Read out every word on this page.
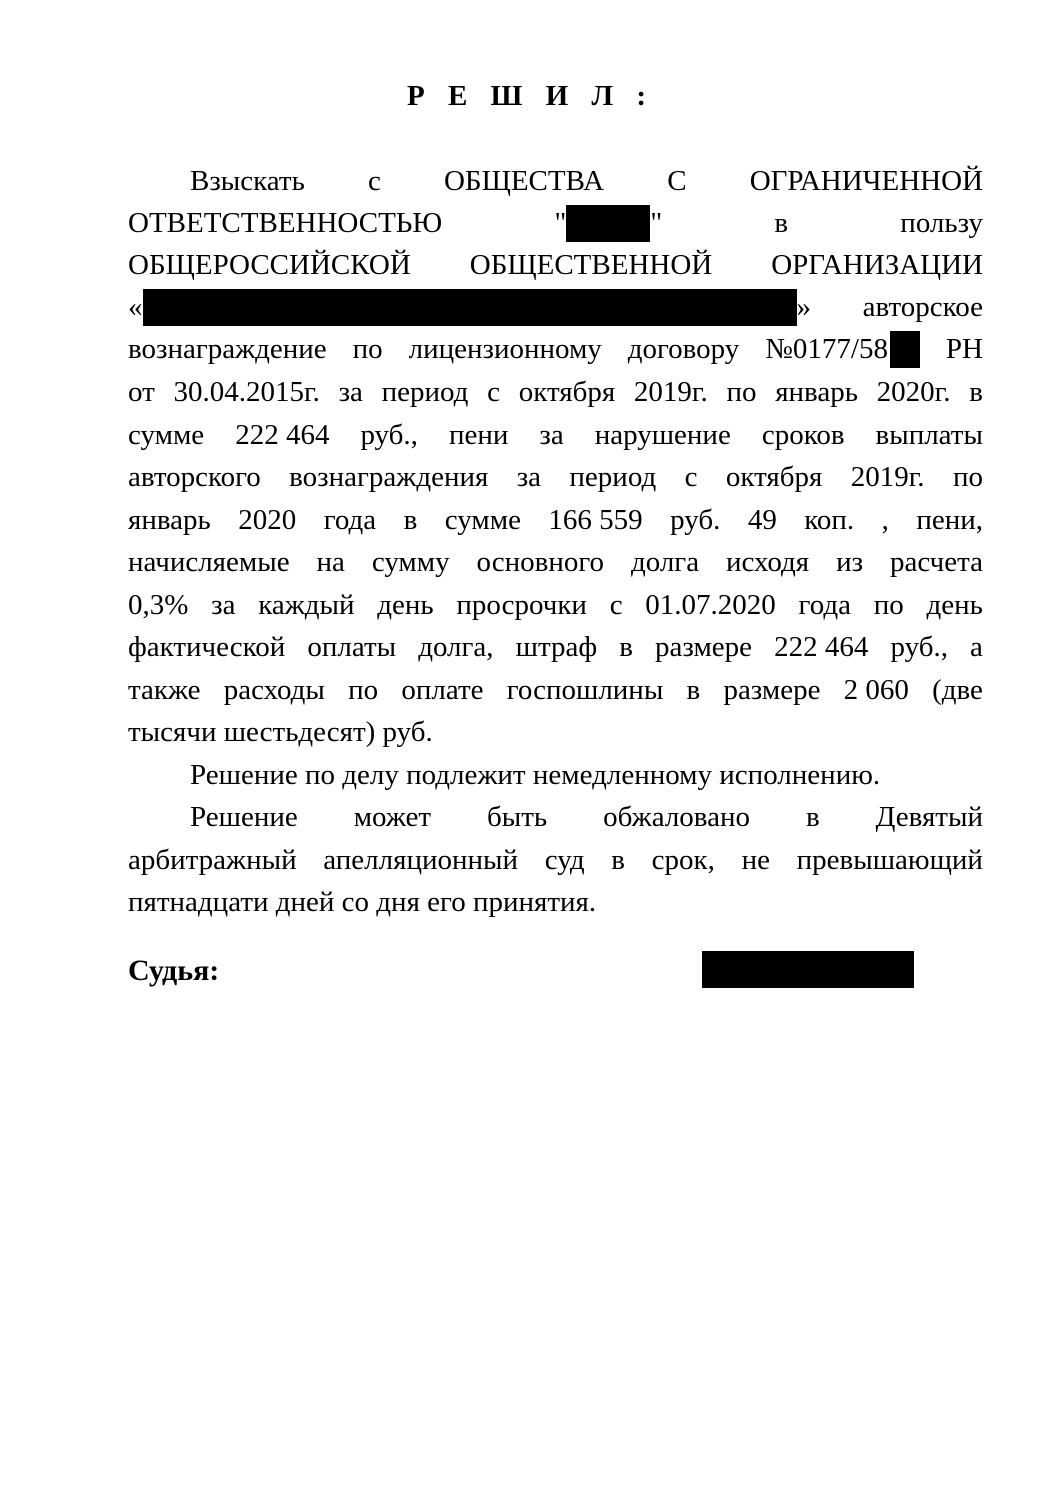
Р Е Ш И Л :
Взыскать с ОБЩЕСТВА С ОГРАНИЧЕННОЙ
ОТВЕТСТВЕННОСТЬЮ	"	"	в	пользу
ОБЩЕРОССИЙСКОЙ ОБЩЕСТВЕННОЙ ОРГАНИЗАЦИИ
«	» авторское
вознаграждение по лицензионному договору №0177/58 РН
от 30.04.2015г. за период с октября 2019г. по январь 2020г. в
сумме 222 464 руб., пени за нарушение сроков выплаты
авторского вознаграждения за период с октября 2019г. по
январь 2020 года в сумме 166 559 руб. 49 коп. , пени,
начисляемые на сумму основного долга исходя из расчета
0,3% за каждый день просрочки с 01.07.2020 года по день
фактической оплаты долга, штраф в размере 222 464 руб., а
также расходы по оплате госпошлины в размере 2 060 (две
тысячи шестьдесят) руб.
Решение по делу подлежит немедленному исполнению.
Решение может быть обжаловано в Девятый
арбитражный апелляционный суд в срок, не превышающий
пятнадцати дней со дня его принятия.
Судья:
